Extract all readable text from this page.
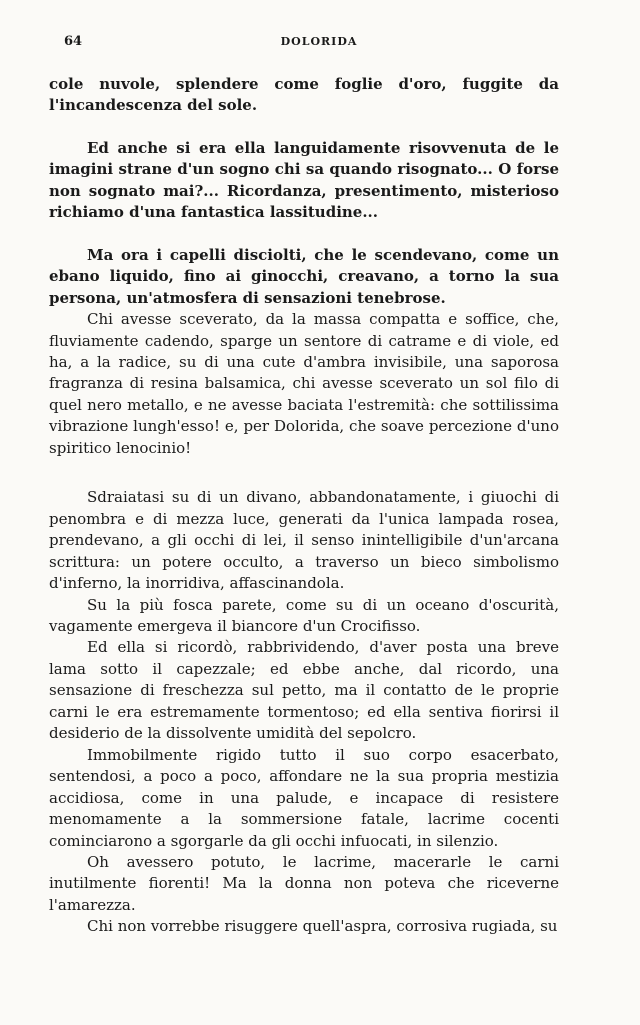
64	DOLORIDA

cole nuvole, splendere come foglie d'oro, fuggite da l'incandescenza del sole.

Ed anche si era ella languidamente risovvenuta de le imagini strane d'un sogno chi sa quando risognato... O forse non sognato mai?... Ricordanza, presentimento, misterioso richiamo d'una fantastica lassitudine...

Ma ora i capelli disciolti, che le scendevano, come un ebano liquido, fino ai ginocchi, creavano, a torno la sua persona, un'atmosfera di sensazioni tenebrose.

Chi avesse sceverato, da la massa compatta e soffice, che, fluviamente cadendo, sparge un sentore di catrame e di viole, ed ha, a la radice, su di una cute d'ambra invisibile, una saporosa fragranza di resina balsamica, chi avesse sceverato un sol filo di quel nero metallo, e ne avesse baciata l'estremità: che sottilissima vibrazione lungh'esso! e, per Dolorida, che soave percezione d'uno spiritico lenocinio!

Sdraiatasi su di un divano, abbandonatamente, i giuochi di penombra e di mezza luce, generati da l'unica lampada rosea, prendevano, a gli occhi di lei, il senso inintelligibile d'un'arcana scrittura: un potere occulto, a traverso un bieco simbolismo d'inferno, la inorridiva, affascinandola.

Su la più fosca parete, come su di un oceano d'oscurità, vagamente emergeva il biancore d'un Crocifisso.

Ed ella si ricordò, rabbrividendo, d'aver posta una breve lama sotto il capezzale; ed ebbe anche, dal ricordo, una sensazione di freschezza sul petto, ma il contatto de le proprie carni le era estremamente tormentoso; ed ella sentiva fiorirsi il desiderio de la dissolvente umidità del sepolcro.

Immobilmente rigido tutto il suo corpo esacerbato, sentendosi, a poco a poco, affondare ne la sua propria mestizia accidiosa, come in una palude, e incapace di resistere menomamente a la sommersione fatale, lacrime cocenti cominciarono a sgorgarle da gli occhi infuocati, in silenzio.

Oh avessero potuto, le lacrime, macerarle le carni inutilmente fiorenti! Ma la donna non poteva che riceverne l'amarezza.

Chi non vorrebbe risuggere quell'aspra, corrosiva rugiada, su
